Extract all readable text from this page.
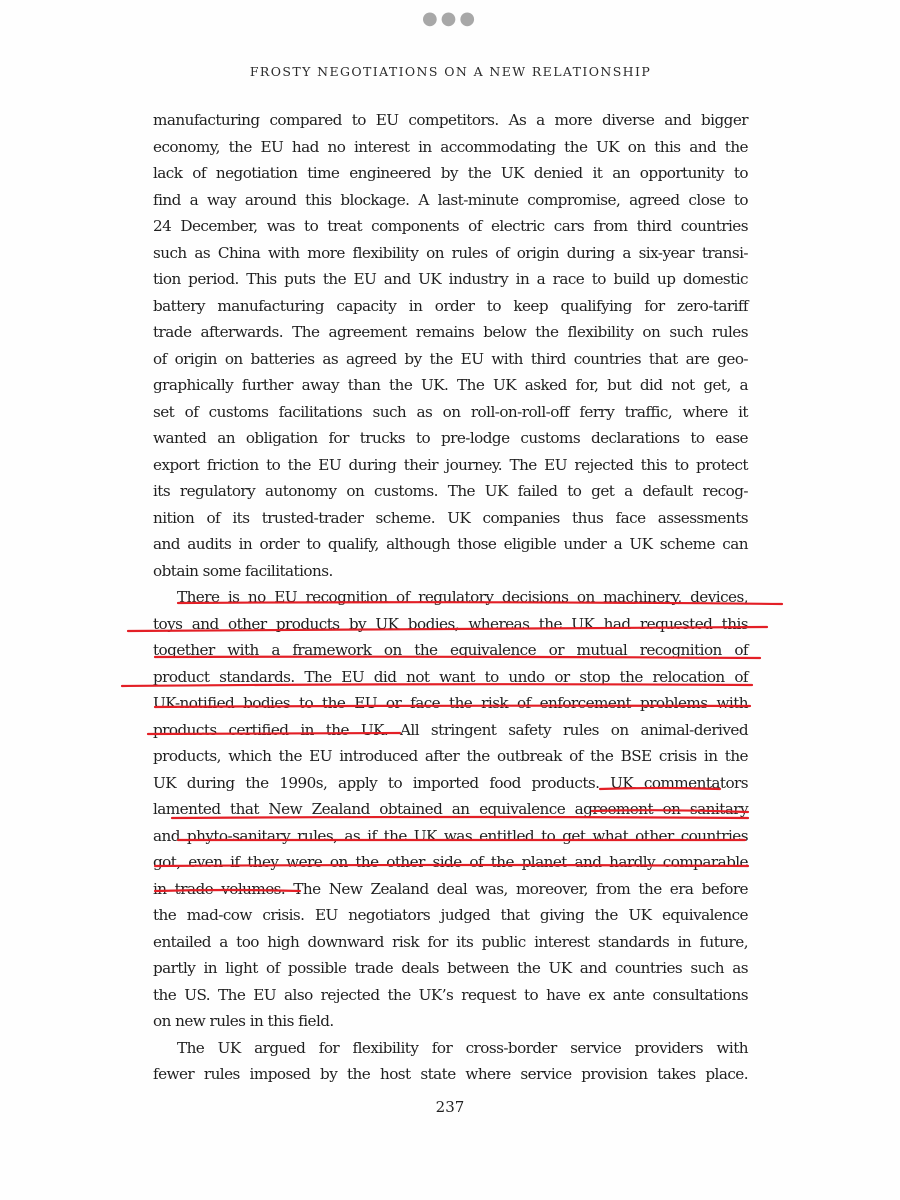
●●●
FROSTY NEGOTIATIONS ON A NEW RELATIONSHIP
manufacturing compared to EU competitors. As a more diverse and bigger
economy, the EU had no interest in accommodating the UK on this and the
lack of negotiation time engineered by the UK denied it an opportunity to
find a way around this blockage. A last-minute compromise, agreed close to
24 December, was to treat components of electric cars from third countries
such as China with more flexibility on rules of origin during a six-year transi-
tion period. This puts the EU and UK industry in a race to build up domestic
battery manufacturing capacity in order to keep qualifying for zero-tariff
trade afterwards. The agreement remains below the flexibility on such rules
of origin on batteries as agreed by the EU with third countries that are geo-
graphically further away than the UK. The UK asked for, but did not get, a
set of customs facilitations such as on roll-on-roll-off ferry traffic, where it
wanted an obligation for trucks to pre-lodge customs declarations to ease
export friction to the EU during their journey. The EU rejected this to protect
its regulatory autonomy on customs. The UK failed to get a default recog-
nition of its trusted-trader scheme. UK companies thus face assessments
and audits in order to qualify, although those eligible under a UK scheme can
obtain some facilitations.
There is no EU recognition of regulatory decisions on machinery, devices,
toys and other products by UK bodies, whereas the UK had requested this
together with a framework on the equivalence or mutual recognition of
product standards. The EU did not want to undo or stop the relocation of
UK-notified bodies to the EU or face the risk of enforcement problems with
products certified in the UK. All stringent safety rules on animal-derived
products, which the EU introduced after the outbreak of the BSE crisis in the
UK during the 1990s, apply to imported food products. UK commentators
lamented that New Zealand obtained an equivalence agreement on sanitary
and phyto-sanitary rules, as if the UK was entitled to get what other countries
got, even if they were on the other side of the planet and hardly comparable
in trade volumes. The New Zealand deal was, moreover, from the era before
the mad-cow crisis. EU negotiators judged that giving the UK equivalence
entailed a too high downward risk for its public interest standards in future,
partly in light of possible trade deals between the UK and countries such as
the US. The EU also rejected the UK’s request to have ex ante consultations
on new rules in this field.
The UK argued for flexibility for cross-border service providers with
fewer rules imposed by the host state where service provision takes place.
237
